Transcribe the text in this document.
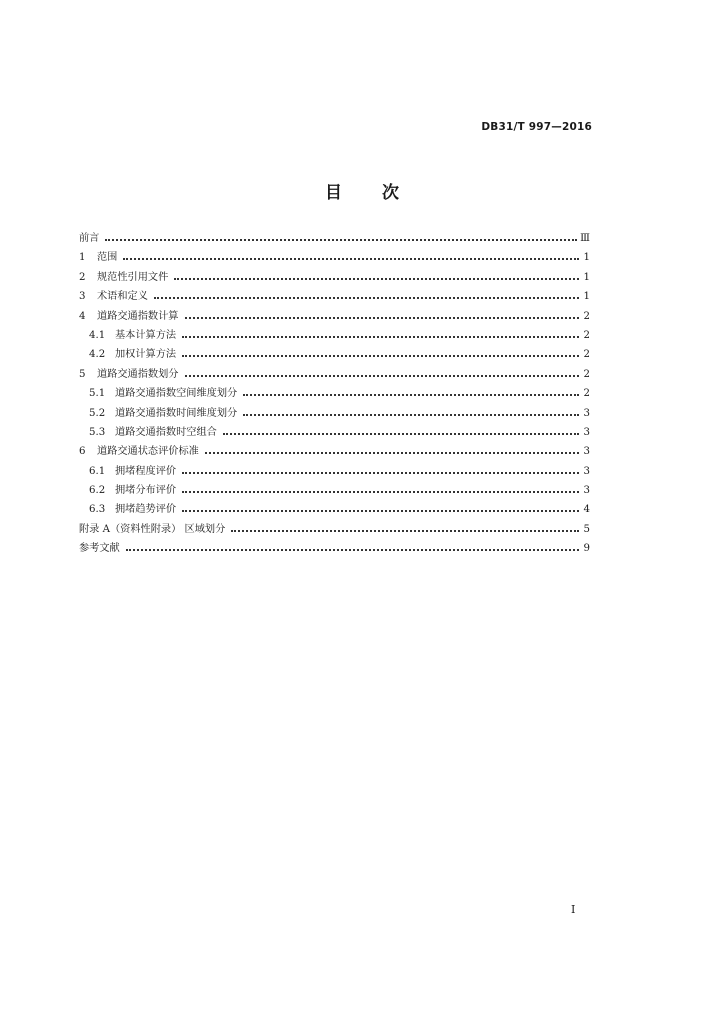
DB31/T 997—2016
目次
前言	Ⅲ
1	范围	1
2	规范性引用文件	1
3	术语和定义	1
4	道路交通指数计算	2
4.1 基本计算方法	2
4.2 加权计算方法	2
5	道路交通指数划分	2
5.1 道路交通指数空间维度划分	2
5.2 道路交通指数时间维度划分	3
5.3 道路交通指数时空组合	3
6	道路交通状态评价标准	3
6.1 拥堵程度评价	3
6.2 拥堵分布评价	3
6.3 拥堵趋势评价	4
附录 A（资料性附录） 区域划分	5
参考文献	9
I
